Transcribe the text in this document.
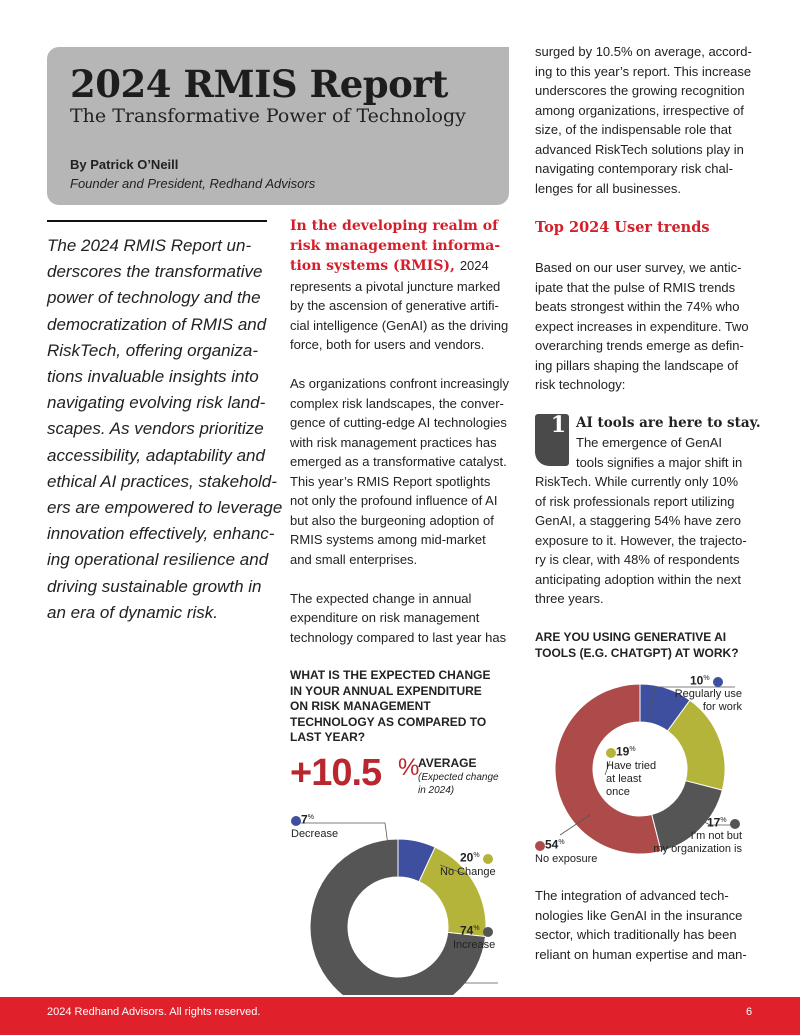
2024 RMIS Report
The Transformative Power of Technology
By Patrick O’Neill
Founder and President, Redhand Advisors
The 2024 RMIS Report un-
derscores the transformative
power of technology and the
democratization of RMIS and
RiskTech, offering organiza-
tions invaluable insights into
navigating evolving risk land-
scapes. As vendors prioritize
accessibility, adaptability and
ethical AI practices, stakehold-
ers are empowered to leverage
innovation effectively, enhanc-
ing operational resilience and
driving sustainable growth in
an era of dynamic risk.
In the developing realm of
risk management informa-
tion systems (RMIS), 2024
represents a pivotal juncture marked
by the ascension of generative artifi-
cial intelligence (GenAI) as the driving
force, both for users and vendors.
As organizations confront increasingly
complex risk landscapes, the conver-
gence of cutting-edge AI technologies
with risk management practices has
emerged as a transformative catalyst.
This year’s RMIS Report spotlights
not only the profound influence of AI
but also the burgeoning adoption of
RMIS systems among mid-market
and small enterprises.
The expected change in annual
expenditure on risk management
technology compared to last year has
surged by 10.5% on average, accord-
ing to this year’s report. This increase
underscores the growing recognition
among organizations, irrespective of
size, of the indispensable role that
advanced RiskTech solutions play in
navigating contemporary risk chal-
lenges for all businesses.
Top 2024 User trends
Based on our user survey, we antic-
ipate that the pulse of RMIS trends
beats strongest within the 74% who
expect increases in expenditure. Two
overarching trends emerge as defin-
ing pillars shaping the landscape of
risk technology:
1 AI tools are here to stay.
The emergence of GenAI
tools signifies a major shift in
RiskTech. While currently only 10%
of risk professionals report utilizing
GenAI, a staggering 54% have zero
exposure to it. However, the trajecto-
ry is clear, with 48% of respondents
anticipating adoption within the next
three years.
The integration of advanced tech-
nologies like GenAI in the insurance
sector, which traditionally has been
reliant on human expertise and man-
WHAT IS THE EXPECTED CHANGE
IN YOUR ANNUAL EXPENDITURE
ON RISK MANAGEMENT
TECHNOLOGY AS COMPARED TO
LAST YEAR?
+10.5 %
AVERAGE
(Expected change
in 2024)
7%
Decrease
20%
No Change
74%
Increase
ARE YOU USING GENERATIVE AI
TOOLS (E.G. CHATGPT) AT WORK?
10%
Regularly use
for work
19%
Have tried
at least
once
17%
I’m not but
my organization is
54%
No exposure
2024 Redhand Advisors. All rights reserved.	6
